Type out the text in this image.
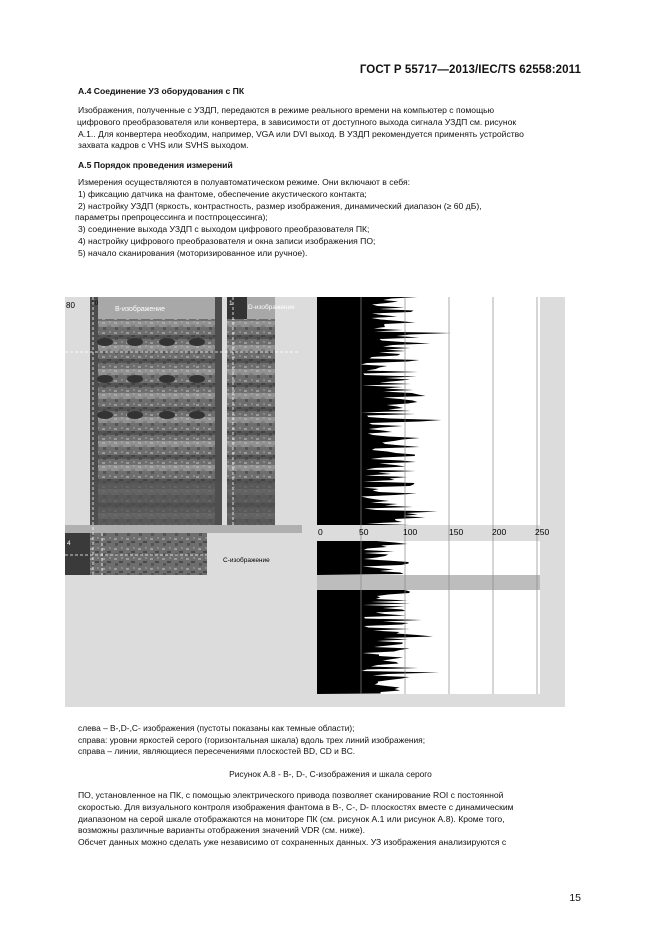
ГОСТ Р 55717—2013/IEC/TS 62558:2011
А.4 Соединение УЗ оборудования с ПК
Изображения, полученные с УЗДП, передаются в режиме реального времени на компьютер с помощью
цифрового преобразователя или конвертера, в зависимости от доступного выхода сигнала УЗДП см. рисунок
А.1.. Для конвертера необходим, например, VGA или DVI выход. В УЗДП рекомендуется применять устройство
захвата кадров с VHS или SVHS выходом.
А.5 Порядок проведения измерений
Измерения осуществляются в полуавтоматическом режиме. Они включают в себя:
1) фиксацию датчика на фантоме, обеспечение акустического контакта;
2) настройку УЗДП (яркость, контрастность, размер изображения, динамический диапазон (≥ 60 дБ),
параметры препроцессинга и постпроцессинга);
3) соединение выхода УЗДП с выходом цифрового преобразователя ПК;
4) настройку цифрового преобразователя и окна записи изображения ПО;
5) начало сканирования (моторизированное или ручное).
В-изображение
10
D-изображение
1
4
С-изображение
80
0	50	100	150	200	250
слева – B-,D-,C- изображения (пустоты показаны как темные области);
справа: уровни яркостей серого (горизонтальная шкала) вдоль трех линий изображения;
справа – линии, являющиеся пересечениями плоскостей BD, CD и BC.
Рисунок А.8 - В-, D-, С-изображения и шкала серого
ПО, установленное на ПК, с помощью электрического привода позволяет сканирование ROI с постоянной
скоростью. Для визуального контроля изображения фантома в В-, С-, D- плоскостях вместе с динамическим
диапазоном на серой шкале отображаются на мониторе ПК (см. рисунок А.1 или рисунок А.8). Кроме того,
возможны различные варианты отображения значений VDR (см. ниже).
Обсчет данных можно сделать уже независимо от сохраненных данных. УЗ изображения анализируются с
15
